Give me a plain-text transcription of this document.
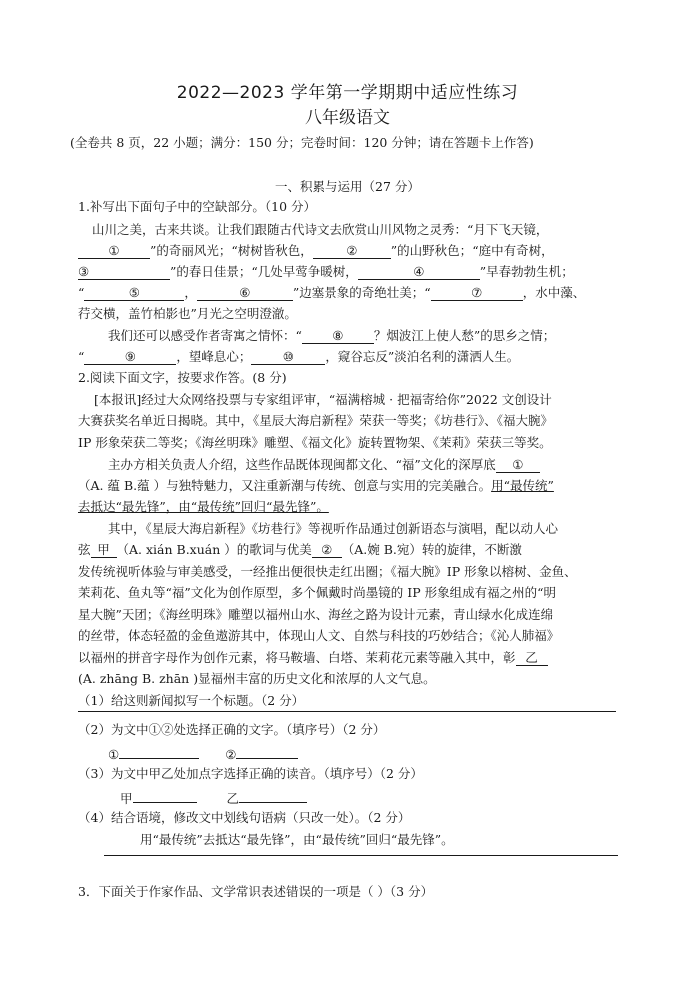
2022—2023 学年第一学期期中适应性练习
八年级语文
(全卷共 8 页，22 小题；满分：150 分；完卷时间：120 分钟；请在答题卡上作答)
一、积累与运用（27 分）
1.补写出下面句子中的空缺部分。（10 分）
山川之美，古来共谈。让我们跟随古代诗文去欣赏山川风物之灵秀：“月下飞天镜，
① ”的奇丽风光；“树树皆秋色，	②	”的山野秋色；“庭中有奇树，
③	”的春日佳景；“几处早莺争暖树，	④	”早春勃勃生机；
“	⑤	，	⑥	”边塞景象的奇绝壮美；“	⑦	，水中藻、
荇交横，盖竹柏影也”月光之空明澄澈。
我们还可以感受作者寄寓之情怀：“ ⑧ ？烟波江上使人愁”的思乡之情；
“	⑨	，望峰息心；	⑩	，窥谷忘反”淡泊名利的潇洒人生。
2.阅读下面文字，按要求作答。(8 分)
[本报讯]经过大众网络投票与专家组评审，“福满榕城 · 把福寄给你”2022 文创设计
大赛获奖名单近日揭晓。其中，《星辰大海启新程》荣获一等奖；《坊巷行》、《福大腕》
IP 形象荣获二等奖；《海丝明珠》雕塑、《福文化》旋转置物架、《茉莉》荣获三等奖。
主办方相关负责人介绍，这些作品既体现闽都文化、“福”文化的深厚底 ①
（A. 蕴 B.蕴 ）与独特魅力，又注重新潮与传统、创意与实用的完美融合。用“最传统”
去抵达“最先锋”，由“最传统”回归“最先锋”。
其中，《星辰大海启新程》《坊巷行》等视听作品通过创新语态与演唱，配以动人心
弦 甲 （A. xián B.xuán ）的歌词与优美 ② （A.婉 B.宛）转的旋律，不断激
发传统视听体验与审美感受，一经推出便很快走红出圈；《福大腕》IP 形象以榕树、金鱼、
茉莉花、鱼丸等“福”文化为创作原型，多个佩戴时尚墨镜的 IP 形象组成有福之州的“明
星大腕”天团；《海丝明珠》雕塑以福州山水、海丝之路为设计元素，青山绿水化成连绵
的丝带，体态轻盈的金鱼遨游其中，体现山人文、自然与科技的巧妙结合；《沁人肺福》
以福州的拼音字母作为创作元素，将马鞍墙、白塔、茉莉花元素等融入其中，彰 乙
(A. zhāng B. zhān )显福州丰富的历史文化和浓厚的人文气息。
（1）给这则新闻拟写一个标题。（2 分）
（2）为文中①②处选择正确的文字。（填序号）（2 分）
①	②
（3）为文中甲乙处加点字选择正确的读音。（填序号）（2 分）
甲	乙
（4）结合语境，修改文中划线句语病（只改一处）。（2 分）
用“最传统”去抵达“最先锋”，由“最传统”回归“最先锋”。
3．下面关于作家作品、文学常识表述错误的一项是（ ）（3 分）
